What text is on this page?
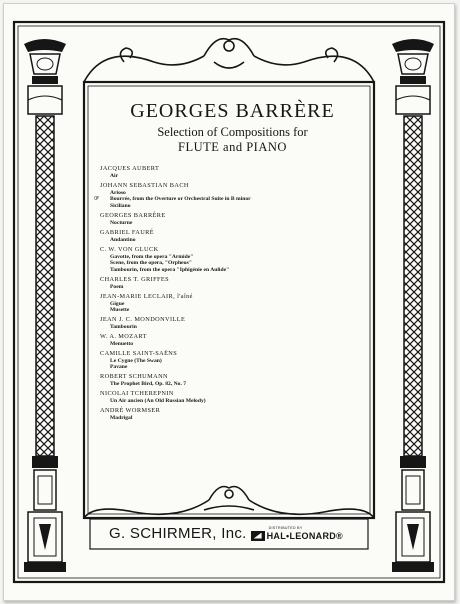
GEORGES BARRÈRE

Selection of Compositions for

FLUTE and PIANO

JACQUES AUBERT
Air
JOHANN SEBASTIAN BACH
Arioso
☞ Bourrée, from the Overture or Orchestral Suite in B minor
Siciliano
GEORGES BARRÈRE
Nocturne
GABRIEL FAURÉ
Andantino
C. W. VON GLUCK
Gavotte, from the opera "Armide"
Scene, from the opera, "Orpheus"
Tambourin, from the opera "Iphigénie en Aulide"
CHARLES T. GRIFFES
Poem
JEAN-MARIE LECLAIR, l'aîné
Gigue
Musette
JEAN J. C. MONDONVILLE
Tambourin
W. A. MOZART
Menuetto
CAMILLE SAINT-SAËNS
Le Cygne (The Swan)
Pavane
ROBERT SCHUMANN
The Prophet Bird, Op. 82, No. 7
NICOLAI TCHEREPNIN
Un Air ancien (An Old Russian Melody)
ANDRÉ WORMSER
Madrigal
G. SCHIRMER, Inc.	DISTRIBUTED BY
HAL•LEONARD®
